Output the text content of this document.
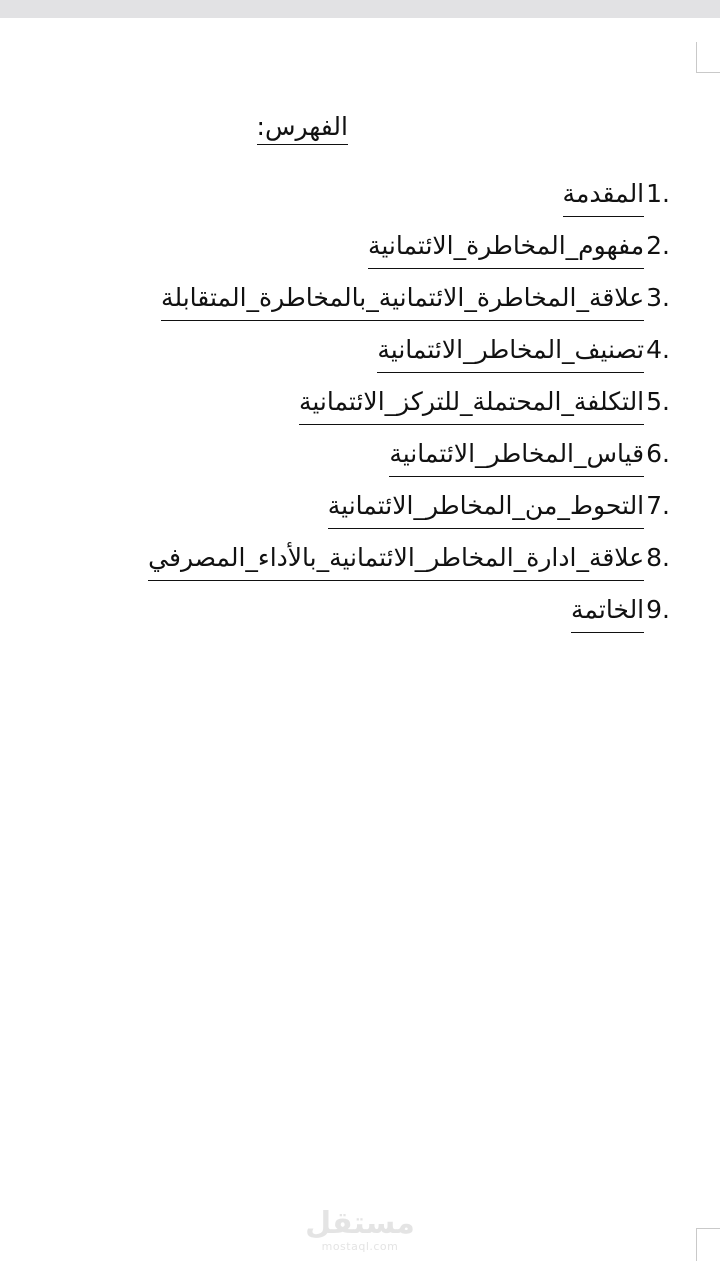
الفهرس:
1.المقدمة
2.مفهوم_المخاطرة_الائتمانية
3.علاقة_المخاطرة_الائتمانية_بالمخاطرة_المتقابلة
4.تصنيف_المخاطر_الائتمانية
5.التكلفة_المحتملة_للتركز_الائتمانية
6.قياس_المخاطر_الائتمانية
7.التحوط_من_المخاطر_الائتمانية
8.علاقة_ادارة_المخاطر_الائتمانية_بالأداء_المصرفي
9.الخاتمة
مستقل
mostaql.com
